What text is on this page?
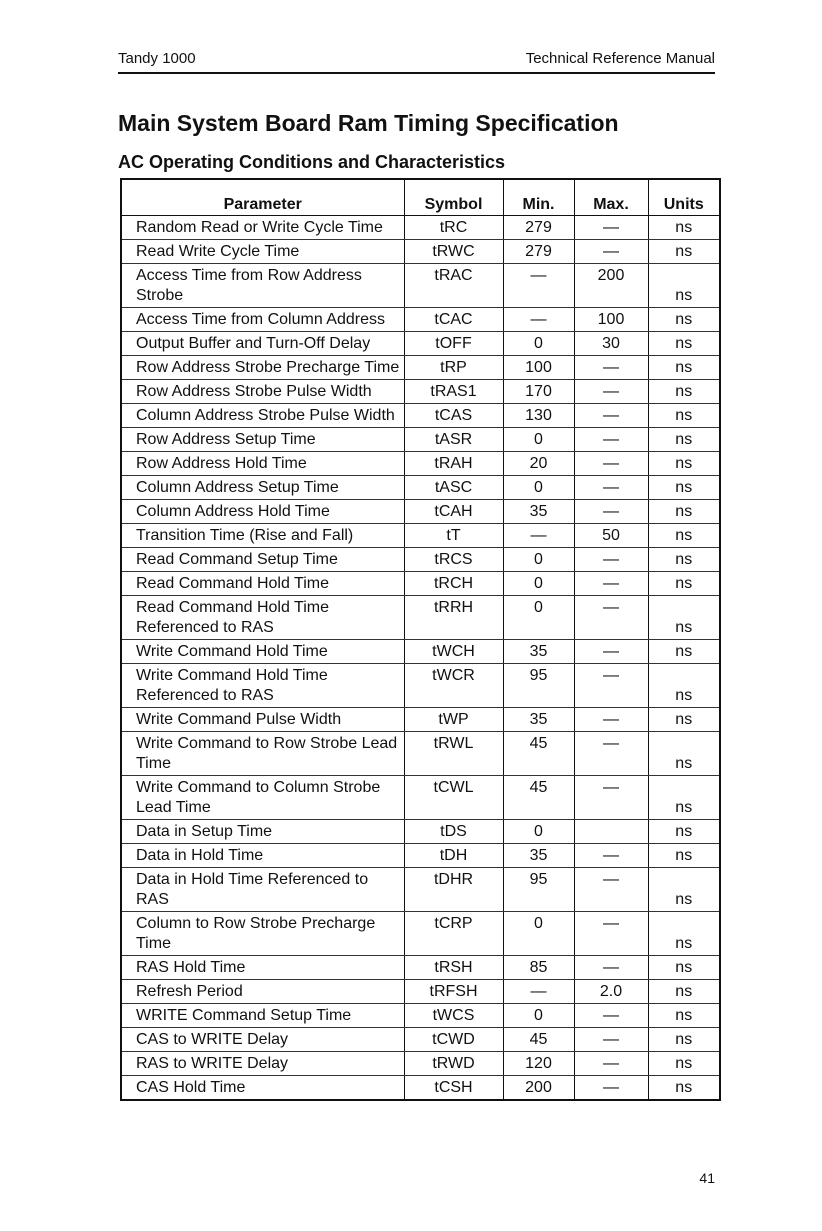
Tandy 1000	Technical Reference Manual
Main System Board Ram Timing Specification
AC Operating Conditions and Characteristics
Parameter	Symbol	Min.	Max.	Units
Random Read or Write Cycle Time	tRC	279	—	ns
Read Write Cycle Time	tRWC	279	—	ns
Access Time from Row Address Strobe	tRAC	—	200	ns
Access Time from Column Address	tCAC	—	100	ns
Output Buffer and Turn-Off Delay	tOFF	0	30	ns
Row Address Strobe Precharge Time	tRP	100	—	ns
Row Address Strobe Pulse Width	tRAS1	170	—	ns
Column Address Strobe Pulse Width	tCAS	130	—	ns
Row Address Setup Time	tASR	0	—	ns
Row Address Hold Time	tRAH	20	—	ns
Column Address Setup Time	tASC	0	—	ns
Column Address Hold Time	tCAH	35	—	ns
Transition Time (Rise and Fall)	tT	—	50	ns
Read Command Setup Time	tRCS	0	—	ns
Read Command Hold Time	tRCH	0	—	ns
Read Command Hold Time Referenced to RAS	tRRH	0	—	ns
Write Command Hold Time	tWCH	35	—	ns
Write Command Hold Time Referenced to RAS	tWCR	95	—	ns
Write Command Pulse Width	tWP	35	—	ns
Write Command to Row Strobe Lead Time	tRWL	45	—	ns
Write Command to Column Strobe Lead Time	tCWL	45	—	ns
Data in Setup Time	tDS	0		ns
Data in Hold Time	tDH	35	—	ns
Data in Hold Time Referenced to RAS	tDHR	95	—	ns
Column to Row Strobe Precharge Time	tCRP	0	—	ns
RAS Hold Time	tRSH	85	—	ns
Refresh Period	tRFSH	—	2.0	ns
WRITE Command Setup Time	tWCS	0	—	ns
CAS to WRITE Delay	tCWD	45	—	ns
RAS to WRITE Delay	tRWD	120	—	ns
CAS Hold Time	tCSH	200	—	ns
41
